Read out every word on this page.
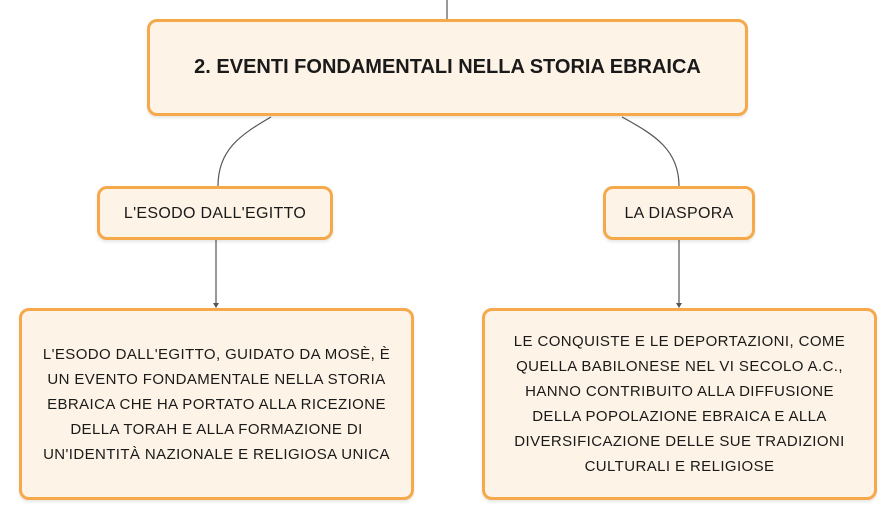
2. EVENTI FONDAMENTALI NELLA STORIA EBRAICA
L'ESODO DALL'EGITTO	LA DIASPORA
L'ESODO DALL'EGITTO, GUIDATO DA MOSÈ, È
UN EVENTO FONDAMENTALE NELLA STORIA
EBRAICA CHE HA PORTATO ALLA RICEZIONE
DELLA TORAH E ALLA FORMAZIONE DI
UN'IDENTITÀ NAZIONALE E RELIGIOSA UNICA
LE CONQUISTE E LE DEPORTAZIONI, COME
QUELLA BABILONESE NEL VI SECOLO A.C.,
HANNO CONTRIBUITO ALLA DIFFUSIONE
DELLA POPOLAZIONE EBRAICA E ALLA
DIVERSIFICAZIONE DELLE SUE TRADIZIONI
CULTURALI E RELIGIOSE
